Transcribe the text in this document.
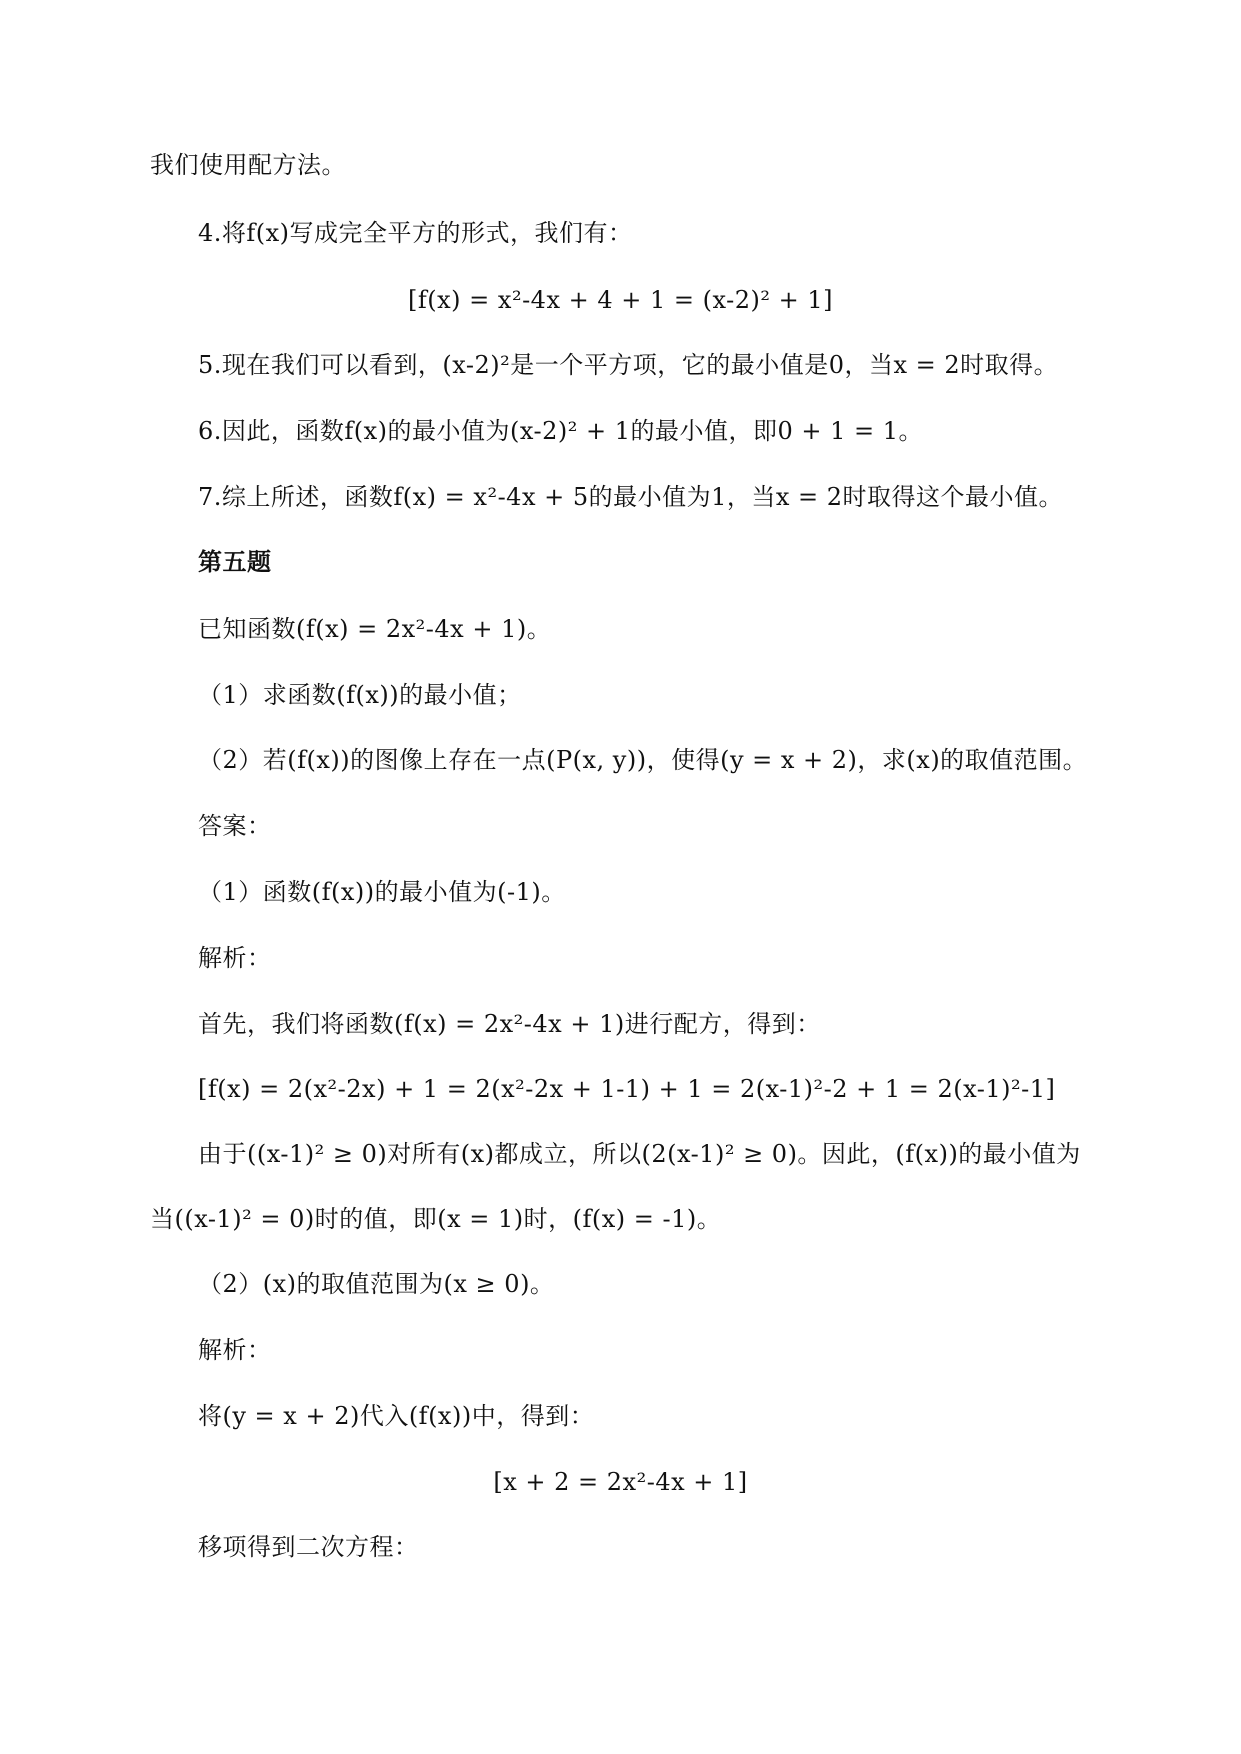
我们使用配方法。
4.将f(x)写成完全平方的形式，我们有：
[f(x) = x²-4x + 4 + 1 = (x-2)² + 1]
5.现在我们可以看到，(x-2)²是一个平方项，它的最小值是0，当x = 2时取得。
6.因此，函数f(x)的最小值为(x-2)² + 1的最小值，即0 + 1 = 1。
7.综上所述，函数f(x) = x²-4x + 5的最小值为1，当x = 2时取得这个最小值。
第五题
已知函数(f(x) = 2x²-4x + 1)。
（1）求函数(f(x))的最小值；
（2）若(f(x))的图像上存在一点(P(x, y))，使得(y = x + 2)，求(x)的取值范围。
答案：
（1）函数(f(x))的最小值为(-1)。
解析：
首先，我们将函数(f(x) = 2x²-4x + 1)进行配方，得到：
[f(x) = 2(x²-2x) + 1 = 2(x²-2x + 1-1) + 1 = 2(x-1)²-2 + 1 = 2(x-1)²-1]
由于((x-1)² ≥ 0)对所有(x)都成立，所以(2(x-1)² ≥ 0)。因此，(f(x))的最小值为
当((x-1)² = 0)时的值，即(x = 1)时，(f(x) = -1)。
（2）(x)的取值范围为(x ≥ 0)。
解析：
将(y = x + 2)代入(f(x))中，得到：
[x + 2 = 2x²-4x + 1]
移项得到二次方程：
